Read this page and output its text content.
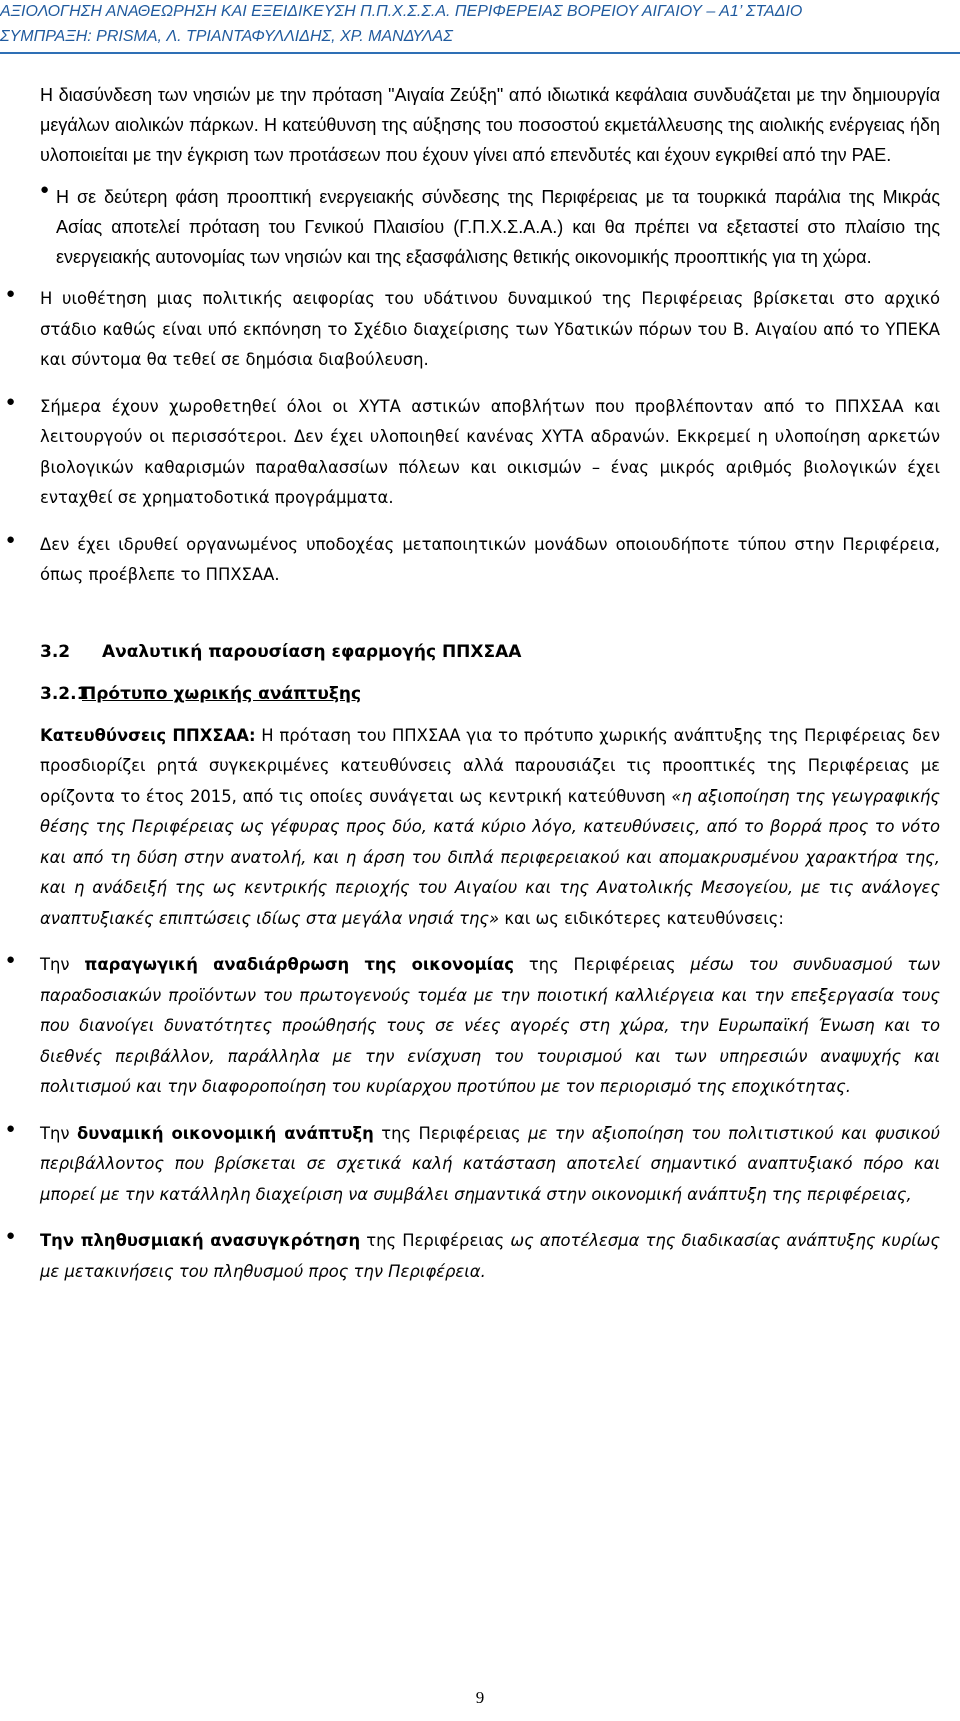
ΑΞΙΟΛΟΓΗΣΗ ΑΝΑΘΕΩΡΗΣΗ ΚΑΙ ΕΞΕΙΔΙΚΕΥΣΗ Π.Π.Χ.Σ.Σ.Α. ΠΕΡΙΦΕΡΕΙΑΣ ΒΟΡΕΙΟΥ ΑΙΓΑΙΟΥ – Α1’ ΣΤΑΔΙΟ
ΣΥΜΠΡΑΞΗ: PRISMA, Λ. ΤΡΙΑΝΤΑΦΥΛΛΙΔΗΣ, ΧΡ. ΜΑΝΔΥΛΑΣ

Η διασύνδεση των νησιών με την πρόταση "Αιγαία Ζεύξη" από ιδιωτικά κεφάλαια συνδυάζεται με την δημιουργία μεγάλων αιολικών πάρκων. Η κατεύθυνση της αύξησης του ποσοστού εκμετάλλευσης της αιολικής ενέργειας ήδη υλοποιείται με την έγκριση των προτάσεων που έχουν γίνει από επενδυτές και έχουν εγκριθεί από την ΡΑΕ.

● Η σε δεύτερη φάση προοπτική ενεργειακής σύνδεσης της Περιφέρειας με τα τουρκικά παράλια της Μικράς Ασίας αποτελεί πρόταση του Γενικού Πλαισίου (Γ.Π.Χ.Σ.Α.Α.) και θα πρέπει να εξεταστεί στο πλαίσιο της ενεργειακής αυτονομίας των νησιών και της εξασφάλισης θετικής οικονομικής προοπτικής για τη χώρα.

● Η υιοθέτηση μιας πολιτικής αειφορίας του υδάτινου δυναμικού της Περιφέρειας βρίσκεται στο αρχικό στάδιο καθώς είναι υπό εκπόνηση το Σχέδιο διαχείρισης των Υδατικών πόρων του Β. Αιγαίου από το ΥΠΕΚΑ και σύντομα θα τεθεί σε δημόσια διαβούλευση.

● Σήμερα έχουν χωροθετηθεί όλοι οι ΧΥΤΑ αστικών αποβλήτων που προβλέπονταν από το ΠΠΧΣΑΑ και λειτουργούν οι περισσότεροι. Δεν έχει υλοποιηθεί κανένας ΧΥΤΑ αδρανών. Εκκρεμεί η υλοποίηση αρκετών βιολογικών καθαρισμών παραθαλασσίων πόλεων και οικισμών – ένας μικρός αριθμός βιολογικών έχει ενταχθεί σε χρηματοδοτικά προγράμματα.

● Δεν έχει ιδρυθεί οργανωμένος υποδοχέας μεταποιητικών μονάδων οποιουδήποτε τύπου στην Περιφέρεια, όπως προέβλεπε το ΠΠΧΣΑΑ.

3.2 Αναλυτική παρουσίαση εφαρμογής ΠΠΧΣΑΑ
3.2.1Πρότυπο χωρικής ανάπτυξης

Κατευθύνσεις ΠΠΧΣΑΑ: Η πρόταση του ΠΠΧΣΑΑ για το πρότυπο χωρικής ανάπτυξης της Περιφέρειας δεν προσδιορίζει ρητά συγκεκριμένες κατευθύνσεις αλλά παρουσιάζει τις προοπτικές της Περιφέρειας με ορίζοντα το έτος 2015, από τις οποίες συνάγεται ως κεντρική κατεύθυνση «η αξιοποίηση της γεωγραφικής θέσης της Περιφέρειας ως γέφυρας προς δύο, κατά κύριο λόγο, κατευθύνσεις, από το βορρά προς το νότο και από τη δύση στην ανατολή, και η άρση του διπλά περιφερειακού και απομακρυσμένου χαρακτήρα της, και η ανάδειξή της ως κεντρικής περιοχής του Αιγαίου και της Ανατολικής Μεσογείου, με τις ανάλογες αναπτυξιακές επιπτώσεις ιδίως στα μεγάλα νησιά της» και ως ειδικότερες κατευθύνσεις:

● Την παραγωγική αναδιάρθρωση της οικονομίας της Περιφέρειας μέσω του συνδυασμού των παραδοσιακών προϊόντων του πρωτογενούς τομέα με την ποιοτική καλλιέργεια και την επεξεργασία τους που διανοίγει δυνατότητες προώθησής τους σε νέες αγορές στη χώρα, την Ευρωπαϊκή Ένωση και το διεθνές περιβάλλον, παράλληλα με την ενίσχυση του τουρισμού και των υπηρεσιών αναψυχής και πολιτισμού και την διαφοροποίηση του κυρίαρχου προτύπου με τον περιορισμό της εποχικότητας.

● Την δυναμική οικονομική ανάπτυξη της Περιφέρειας με την αξιοποίηση του πολιτιστικού και φυσικού περιβάλλοντος που βρίσκεται σε σχετικά καλή κατάσταση αποτελεί σημαντικό αναπτυξιακό πόρο και μπορεί με την κατάλληλη διαχείριση να συμβάλει σημαντικά στην οικονομική ανάπτυξη της περιφέρειας,

● Την πληθυσμιακή ανασυγκρότηση της Περιφέρειας ως αποτέλεσμα της διαδικασίας ανάπτυξης κυρίως με μετακινήσεις του πληθυσμού προς την Περιφέρεια.

9
